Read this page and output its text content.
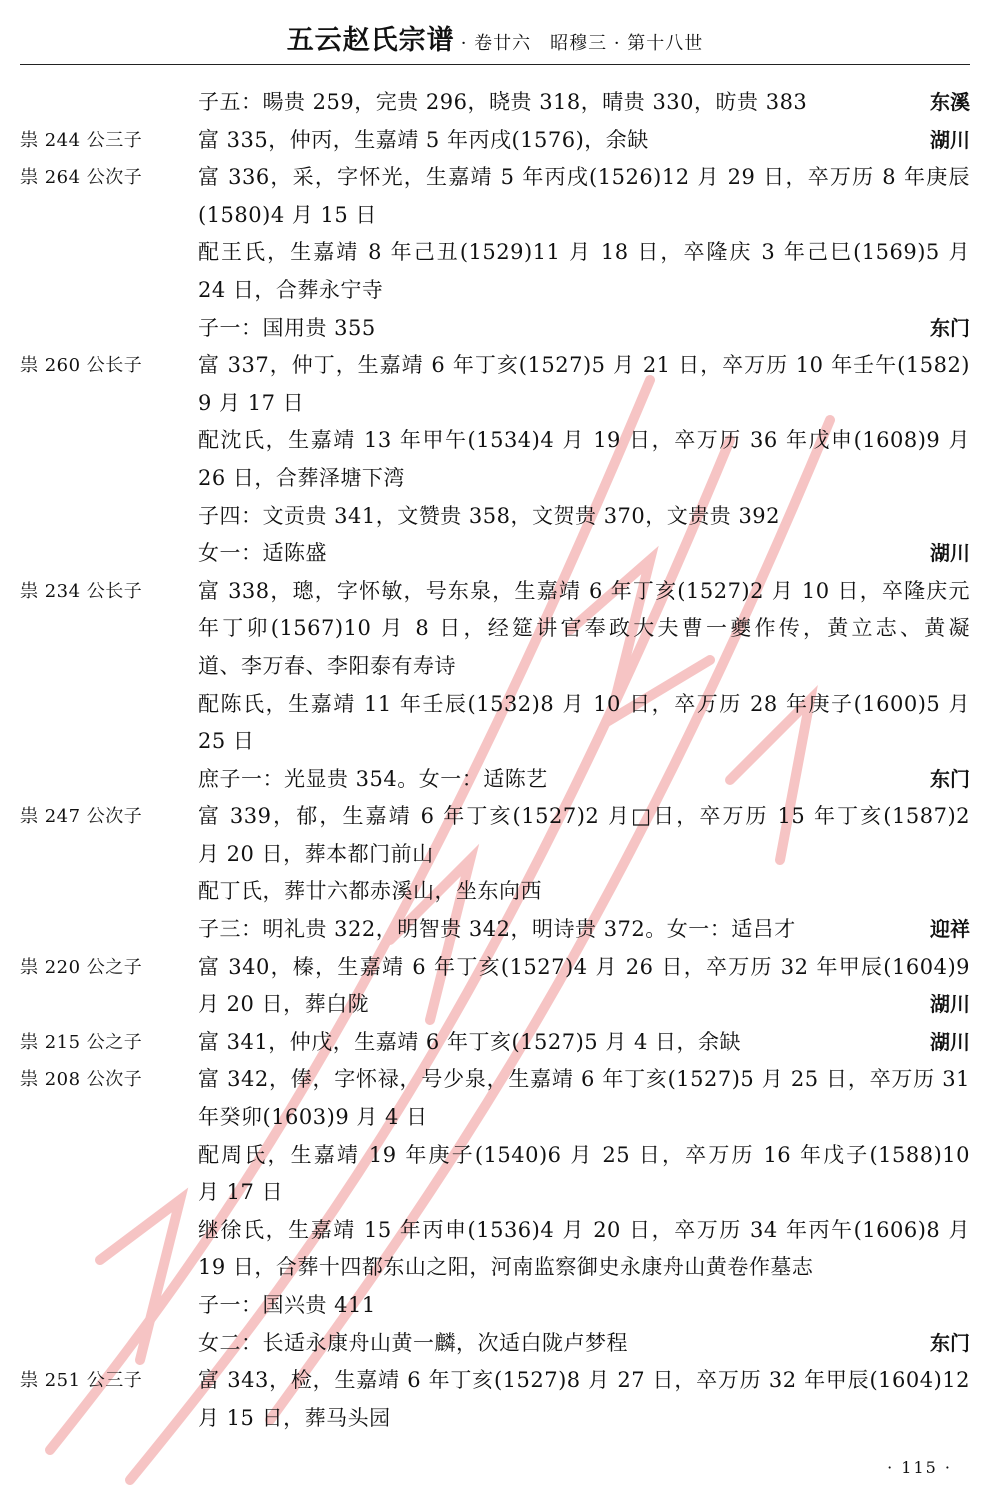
五云赵氏宗谱 · 卷廿六　昭穆三 · 第十八世
子五：暘贵 259，完贵 296，晓贵 318，晴贵 330，昉贵 383	东溪
祟 244 公三子	富 335，仲丙，生嘉靖 5 年丙戌(1576)，余缺	湖川
祟 264 公次子	富 336，采，字怀光，生嘉靖 5 年丙戌(1526)12 月 29 日，卒万历 8 年庚辰
(1580)4 月 15 日
配王氏，生嘉靖 8 年己丑(1529)11 月 18 日，卒隆庆 3 年己巳(1569)5 月
24 日，合葬永宁寺
子一：国用贵 355	东门
祟 260 公长子	富 337，仲丁，生嘉靖 6 年丁亥(1527)5 月 21 日，卒万历 10 年壬午(1582)
9 月 17 日
配沈氏，生嘉靖 13 年甲午(1534)4 月 19 日，卒万历 36 年戊申(1608)9 月
26 日，合葬泽塘下湾
子四：文贡贵 341，文赞贵 358，文贺贵 370，文贵贵 392
女一：适陈盛	湖川
祟 234 公长子	富 338，璁，字怀敏，号东泉，生嘉靖 6 年丁亥(1527)2 月 10 日，卒隆庆元
年丁卯(1567)10 月 8 日，经筵讲官奉政大夫曹一夔作传，黄立志、黄凝
道、李万春、李阳泰有寿诗
配陈氏，生嘉靖 11 年壬辰(1532)8 月 10 日，卒万历 28 年庚子(1600)5 月
25 日
庶子一：光显贵 354。女一：适陈艺	东门
祟 247 公次子	富 339，郁，生嘉靖 6 年丁亥(1527)2 月□日，卒万历 15 年丁亥(1587)2
月 20 日，葬本都门前山
配丁氏，葬廿六都赤溪山，坐东向西
子三：明礼贵 322，明智贵 342，明诗贵 372。女一：适吕才	迎祥
祟 220 公之子	富 340，榛，生嘉靖 6 年丁亥(1527)4 月 26 日，卒万历 32 年甲辰(1604)9
月 20 日，葬白陇	湖川
祟 215 公之子	富 341，仲戊，生嘉靖 6 年丁亥(1527)5 月 4 日，余缺	湖川
祟 208 公次子	富 342，俸，字怀禄，号少泉，生嘉靖 6 年丁亥(1527)5 月 25 日，卒万历 31
年癸卯(1603)9 月 4 日
配周氏，生嘉靖 19 年庚子(1540)6 月 25 日，卒万历 16 年戊子(1588)10
月 17 日
继徐氏，生嘉靖 15 年丙申(1536)4 月 20 日，卒万历 34 年丙午(1606)8 月
19 日，合葬十四都东山之阳，河南监察御史永康舟山黄卷作墓志
子一：国兴贵 411
女二：长适永康舟山黄一麟，次适白陇卢梦程	东门
祟 251 公三子	富 343，检，生嘉靖 6 年丁亥(1527)8 月 27 日，卒万历 32 年甲辰(1604)12
月 15 日，葬马头园
· 115 ·
